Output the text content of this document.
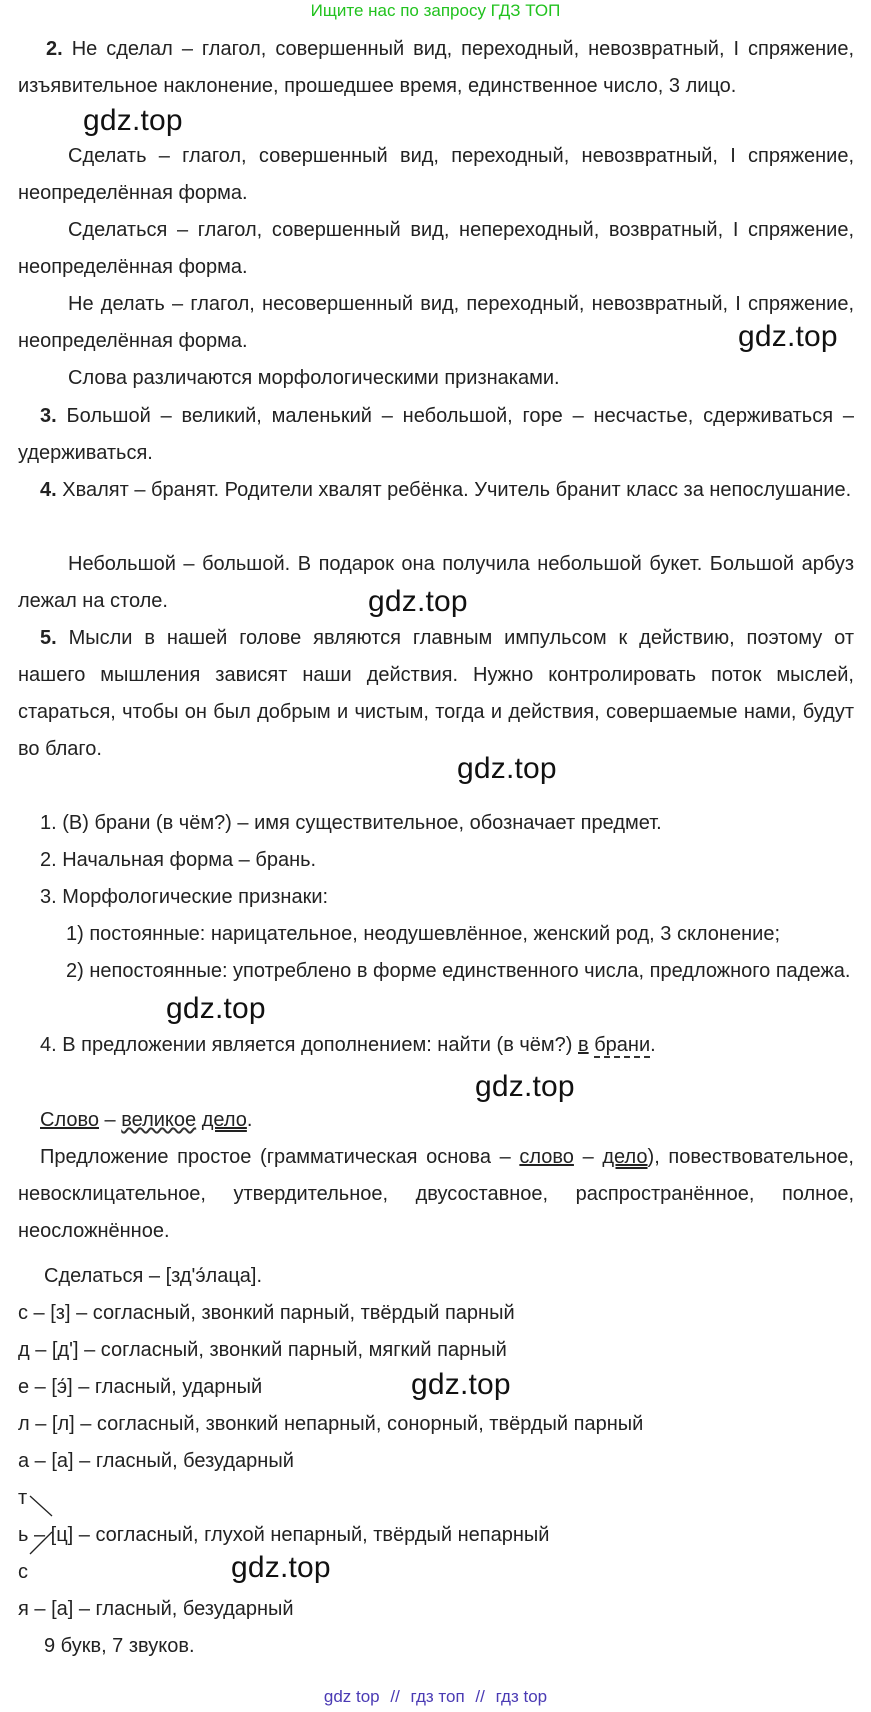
Ищите нас по запросу ГДЗ ТОП
2. Не сделал – глагол, совершенный вид, переходный, невозвратный, I спряжение, изъявительное наклонение, прошедшее время, единственное число, 3 лицо.
Сделать – глагол, совершенный вид, переходный, невозвратный, I спряжение, неопределённая форма.
Сделаться – глагол, совершенный вид, непереходный, возвратный, I спряжение, неопределённая форма.
Не делать – глагол, несовершенный вид, переходный, невозвратный, I спряжение, неопределённая форма.
Слова различаются морфологическими признаками.
3. Большой – великий, маленький – небольшой, горе – несчастье, сдерживаться – удерживаться.
4. Хвалят – бранят. Родители хвалят ребёнка. Учитель бранит класс за непослушание.
Небольшой – большой. В подарок она получила небольшой букет. Большой арбуз лежал на столе.
5. Мысли в нашей голове являются главным импульсом к действию, поэтому от нашего мышления зависят наши действия. Нужно контролировать поток мыслей, стараться, чтобы он был добрым и чистым, тогда и действия, совершаемые нами, будут во благо.
1. (В) брани (в чём?) – имя существительное, обозначает предмет.
2. Начальная форма – брань.
3. Морфологические признаки:
1) постоянные: нарицательное, неодушевлённое, женский род, 3 склонение;
2) непостоянные: употреблено в форме единственного числа, предложного падежа.
4. В предложении является дополнением: найти (в чём?) в брани.
Слово – великое дело.
Предложение простое (грамматическая основа – слово – дело), повествовательное, невосклицательное, утвердительное, двусоставное, распространённое, полное, неосложнённое.
Сделаться – [зд'э́лаца].
с – [з] – согласный, звонкий парный, твёрдый парный
д – [д'] – согласный, звонкий парный, мягкий парный
е – [э́] – гласный, ударный
л – [л] – согласный, звонкий непарный, сонорный, твёрдый парный
а – [а] – гласный, безударный
т
ь – [ц] – согласный, глухой непарный, твёрдый непарный
с
я – [а] – гласный, безударный
9 букв, 7 звуков.
gdz.top
gdz.top
gdz.top
gdz.top
gdz.top
gdz.top
gdz.top
gdz.top
gdz top // гдз топ // гдз top
